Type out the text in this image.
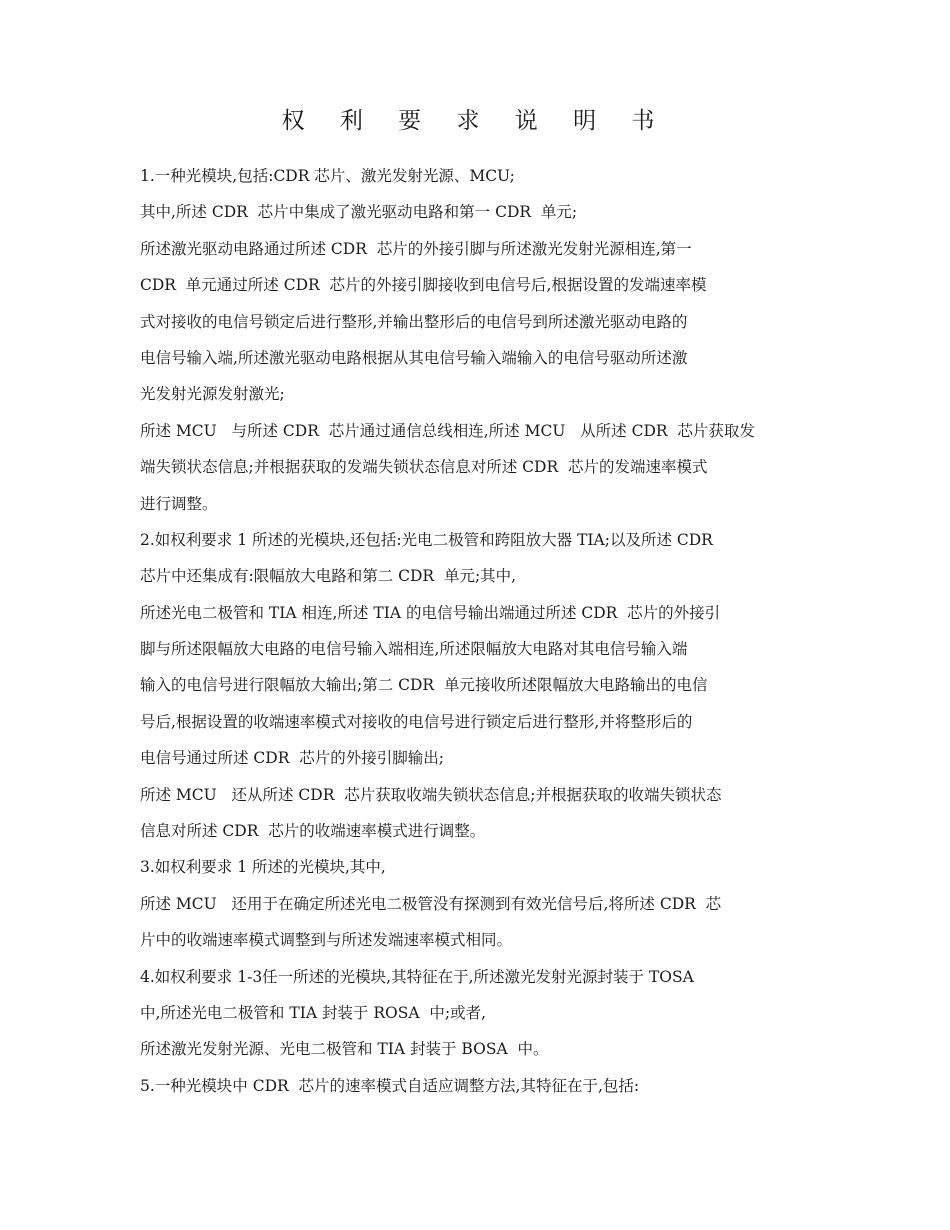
权 利 要 求 说 明 书
1.一种光模块,包括:CDR 芯片、激光发射光源、MCU;
其中,所述 CDR  芯片中集成了激光驱动电路和第一 CDR  单元;
所述激光驱动电路通过所述 CDR  芯片的外接引脚与所述激光发射光源相连,第一
CDR  单元通过所述 CDR  芯片的外接引脚接收到电信号后,根据设置的发端速率模
式对接收的电信号锁定后进行整形,并输出整形后的电信号到所述激光驱动电路的
电信号输入端,所述激光驱动电路根据从其电信号输入端输入的电信号驱动所述激
光发射光源发射激光;
所述 MCU   与所述 CDR  芯片通过通信总线相连,所述 MCU   从所述 CDR  芯片获取发
端失锁状态信息;并根据获取的发端失锁状态信息对所述 CDR  芯片的发端速率模式
进行调整。
2.如权利要求 1 所述的光模块,还包括:光电二极管和跨阻放大器 TIA;以及所述 CDR
芯片中还集成有:限幅放大电路和第二 CDR  单元;其中,
所述光电二极管和 TIA 相连,所述 TIA 的电信号输出端通过所述 CDR  芯片的外接引
脚与所述限幅放大电路的电信号输入端相连,所述限幅放大电路对其电信号输入端
输入的电信号进行限幅放大输出;第二 CDR  单元接收所述限幅放大电路输出的电信
号后,根据设置的收端速率模式对接收的电信号进行锁定后进行整形,并将整形后的
电信号通过所述 CDR  芯片的外接引脚输出;
所述 MCU   还从所述 CDR  芯片获取收端失锁状态信息;并根据获取的收端失锁状态
信息对所述 CDR  芯片的收端速率模式进行调整。
3.如权利要求 1 所述的光模块,其中,
所述 MCU   还用于在确定所述光电二极管没有探测到有效光信号后,将所述 CDR  芯
片中的收端速率模式调整到与所述发端速率模式相同。
4.如权利要求 1-3任一所述的光模块,其特征在于,所述激光发射光源封装于 TOSA
中,所述光电二极管和 TIA 封装于 ROSA  中;或者,
所述激光发射光源、光电二极管和 TIA 封装于 BOSA  中。
5.一种光模块中 CDR  芯片的速率模式自适应调整方法,其特征在于,包括:
